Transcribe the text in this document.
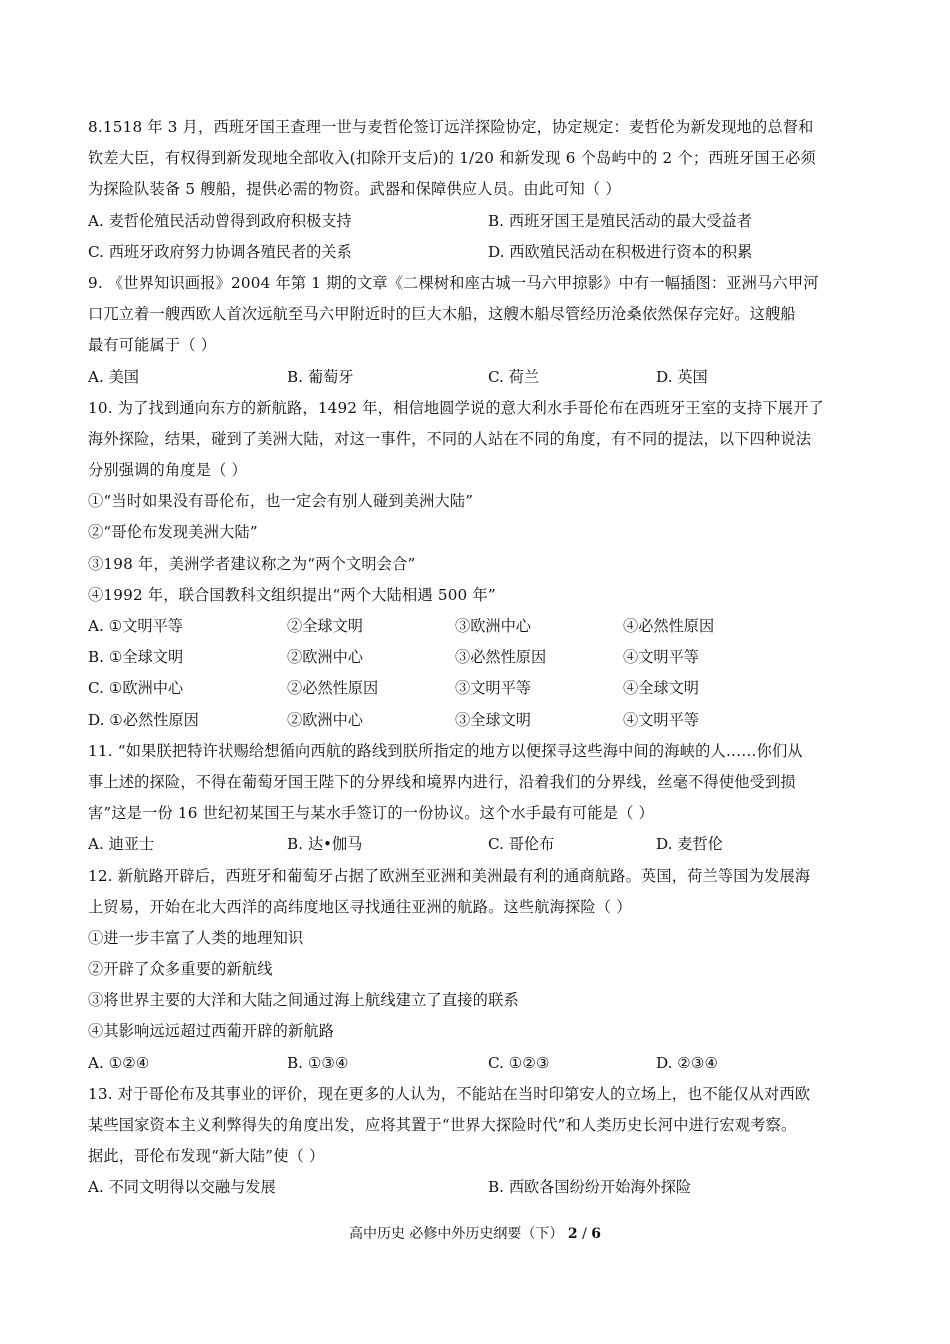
8.1518 年 3 月，西班牙国王查理一世与麦哲伦签订远洋探险协定，协定规定：麦哲伦为新发现地的总督和
钦差大臣，有权得到新发现地全部收入(扣除开支后)的 1/20 和新发现 6 个岛屿中的 2 个；西班牙国王必须
为探险队装备 5 艘船，提供必需的物资。武器和保障供应人员。由此可知（ ）
A. 麦哲伦殖民活动曾得到政府积极支持	B. 西班牙国王是殖民活动的最大受益者
C. 西班牙政府努力协调各殖民者的关系	D. 西欧殖民活动在积极进行资本的积累
9. 《世界知识画报》2004 年第 1 期的文章《二棵树和座古城一马六甲掠影》中有一幅插图：亚洲马六甲河
口兀立着一艘西欧人首次远航至马六甲附近时的巨大木船，这艘木船尽管经历沧桑依然保存完好。这艘船
最有可能属于（ ）
A. 美国	B. 葡萄牙	C. 荷兰	D. 英国
10. 为了找到通向东方的新航路，1492 年，相信地圆学说的意大利水手哥伦布在西班牙王室的支持下展开了
海外探险，结果，碰到了美洲大陆，对这一事件，不同的人站在不同的角度，有不同的提法，以下四种说法
分别强调的角度是（ ）
①“当时如果没有哥伦布，也一定会有别人碰到美洲大陆”
②“哥伦布发现美洲大陆”
③198 年，美洲学者建议称之为“两个文明会合”
④1992 年，联合国教科文组织提出“两个大陆相遇 500 年”
A. ①文明平等	②全球文明	③欧洲中心	④必然性原因
B. ①全球文明	②欧洲中心	③必然性原因	④文明平等
C. ①欧洲中心	②必然性原因	③文明平等	④全球文明
D. ①必然性原因	②欧洲中心	③全球文明	④文明平等
11. “如果朕把特许状赐给想循向西航的路线到朕所指定的地方以便探寻这些海中间的海峡的人……你们从
事上述的探险，不得在葡萄牙国王陛下的分界线和境界内进行，沿着我们的分界线，丝毫不得使他受到损
害”这是一份 16 世纪初某国王与某水手签订的一份协议。这个水手最有可能是（ ）
A. 迪亚士	B. 达•伽马	C. 哥伦布	D. 麦哲伦
12. 新航路开辟后，西班牙和葡萄牙占据了欧洲至亚洲和美洲最有利的通商航路。英国，荷兰等国为发展海
上贸易，开始在北大西洋的高纬度地区寻找通往亚洲的航路。这些航海探险（ ）
①进一步丰富了人类的地理知识
②开辟了众多重要的新航线
③将世界主要的大洋和大陆之间通过海上航线建立了直接的联系
④其影响远远超过西葡开辟的新航路
A. ①②④	B. ①③④	C. ①②③	D. ②③④
13. 对于哥伦布及其事业的评价，现在更多的人认为，不能站在当时印第安人的立场上，也不能仅从对西欧
某些国家资本主义利弊得失的角度出发，应将其置于“世界大探险时代”和人类历史长河中进行宏观考察。
据此，哥伦布发现“新大陆”使（ ）
A. 不同文明得以交融与发展	B. 西欧各国纷纷开始海外探险
高中历史 必修中外历史纲要（下） 2 / 6
